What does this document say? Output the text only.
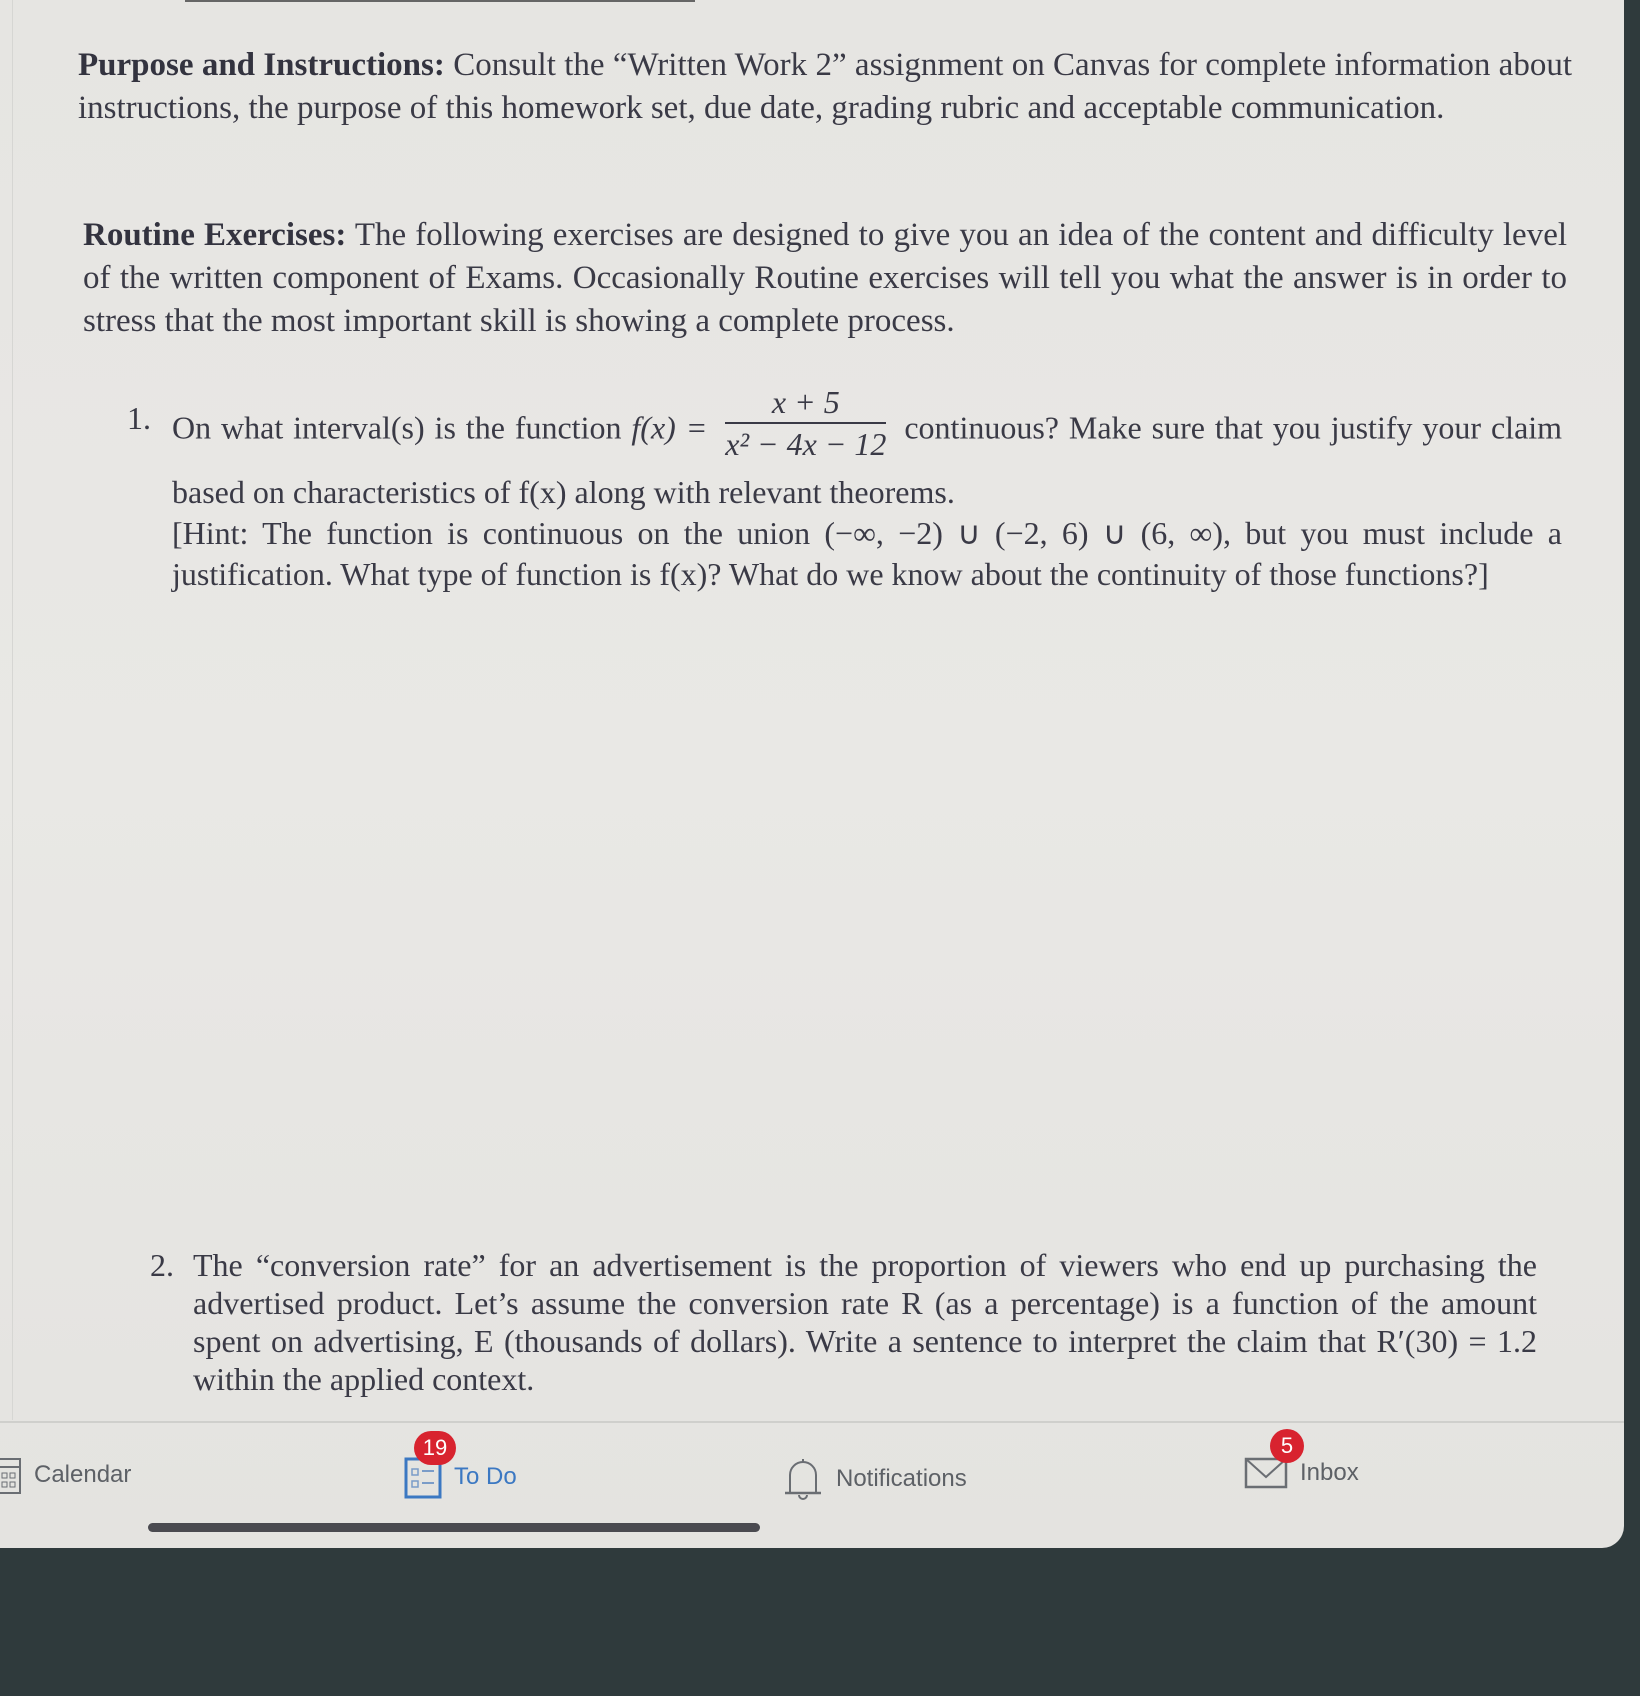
Purpose and Instructions: Consult the “Written Work 2” assignment on Canvas for complete information about instructions, the purpose of this homework set, due date, grading rubric and acceptable communication.
Routine Exercises: The following exercises are designed to give you an idea of the content and difficulty level of the written component of Exams. Occasionally Routine exercises will tell you what the answer is in order to stress that the most important skill is showing a complete process.
1. On what interval(s) is the function $f(x) = \frac{x + 5}{\text{x² − 4x − 12}}$ continuous? Make sure that you justify your claim based on characteristics of f(x) along with relevant theorems.
[Hint: The function is continuous on the union (−∞, −2) ∪ (−2, 6) ∪ (6, ∞), but you must include a justification. What type of function is f(x)? What do we know about the continuity of those functions?]
2. The “conversion rate” for an advertisement is the proportion of viewers who end up purchasing the advertised product. Let’s assume the conversion rate R (as a percentage) is a function of the amount spent on advertising, E (thousands of dollars). Write a sentence to interpret the claim that R′(30) = 1.2 within the applied context.
Calendar	To Do
19
Notifications	Inbox
5
